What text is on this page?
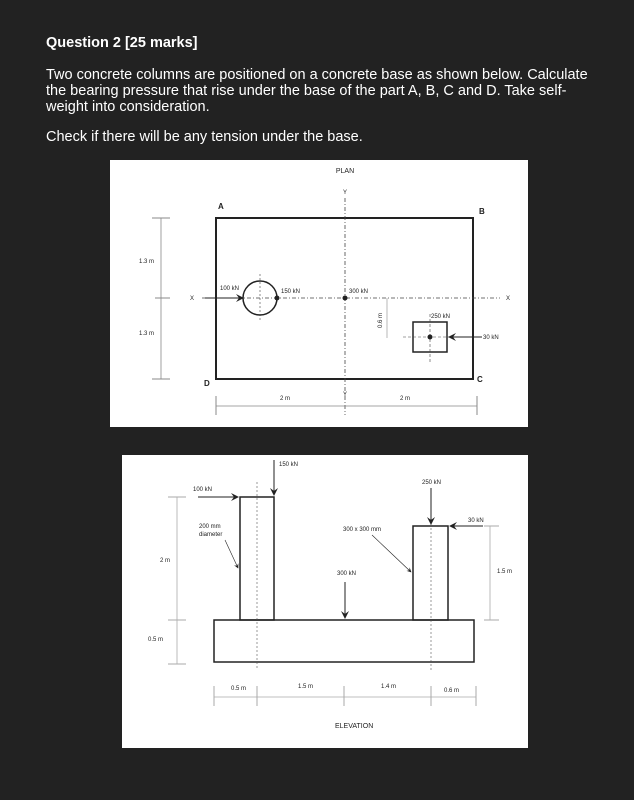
Question 2 [25 marks]
Two concrete columns are positioned on a concrete base as shown below. Calculate the bearing pressure that rise under the base of the part A, B, C and D. Take self-weight into consideration.
Check if there will be any tension under the base.
PLAN
A
B
C
D
Y
Y
X	X
100 kN	150 kN	300 kN
250 kN
30 kN
0.6 m
1.3 m
1.3 m
2 m	2 m
150 kN
100 kN
250 kN
30 kN
300 kN
200 mm
diameter
300 x 300 mm
2 m
0.5 m
1.5 m
0.5 m	1.5 m	1.4 m
0.6 m
ELEVATION
